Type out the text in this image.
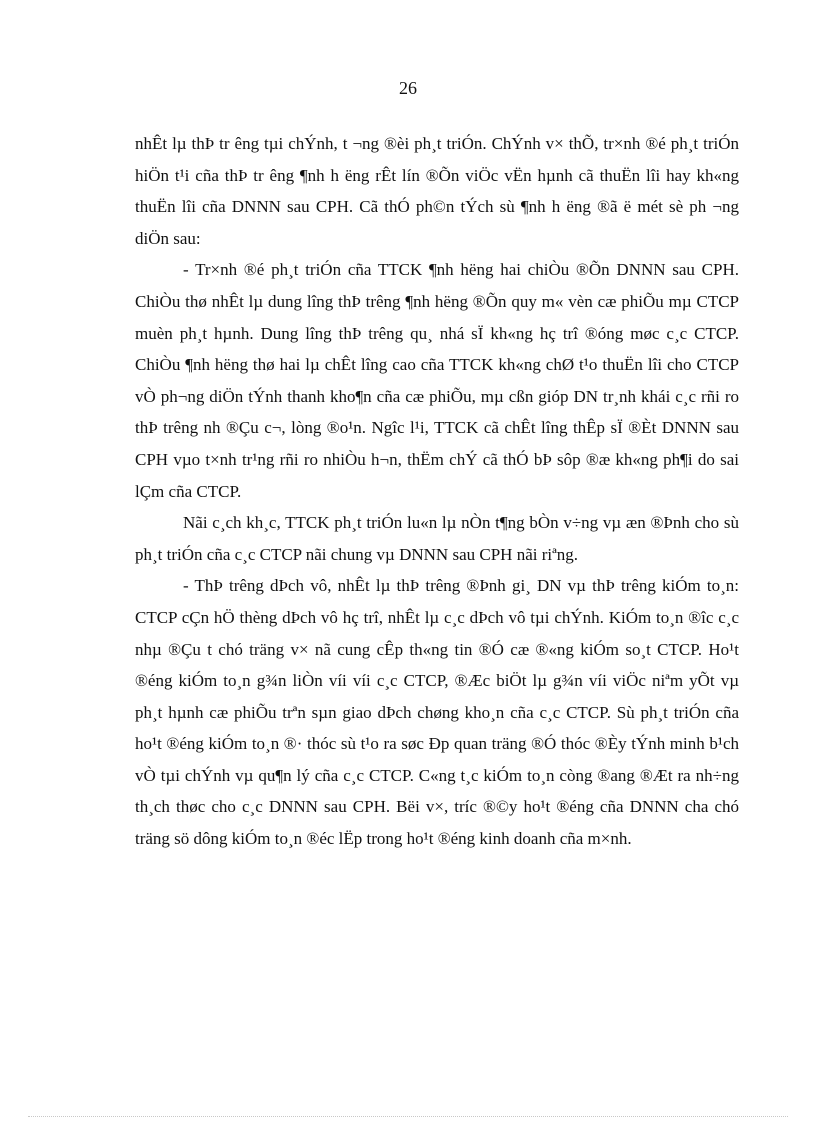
26

nhÊt lµ thÞ tr êng tµi chÝnh, t ¬ng ®èi ph¸t triÓn. ChÝnh v× thÕ, tr×nh ®é ph¸t triÓn hiÖn t¹i cña thÞ tr êng ¶nh h ëng rÊt lín ®Õn viÖc vËn hµnh cã thuËn lîi hay kh«ng thuËn lîi cña DNNN sau CPH. Cã thÓ ph©n tÝch sù ¶nh h ëng ®ã ë mét sè ph ¬ng diÖn sau:

- Tr×nh ®é ph¸t triÓn cña TTCK ¶nh hëng hai chiÒu ®Õn DNNN sau CPH. ChiÒu thø nhÊt lµ dung lîng thÞ trêng ¶nh hëng ®Õn quy m« vèn cæ phiÕu mµ CTCP muèn ph¸t hµnh. Dung lîng thÞ trêng qu¸ nhá sÏ kh«ng hç trî ®óng møc c¸c CTCP. ChiÒu ¶nh hëng thø hai lµ chÊt lîng cao cña TTCK kh«ng chØ t¹o thuËn lîi cho CTCP vÒ ph¬ng diÖn tÝnh thanh kho¶n cña cæ phiÕu, mµ cßn gióp DN tr¸nh khái c¸c rñi ro thÞ trêng nh ®Çu c¬, lòng ®o¹n. Ngîc l¹i, TTCK cã chÊt lîng thÊp sÏ ®Èt DNNN sau CPH vµo t×nh tr¹ng rñi ro nhiÒu h¬n, thËm chÝ cã thÓ bÞ sôp ®æ kh«ng ph¶i do sai lÇm cña CTCP.

Nãi c¸ch kh¸c, TTCK ph¸t triÓn lu«n lµ nÒn t¶ng bÒn v÷ng vµ æn ®Þnh cho sù ph¸t triÓn cña c¸c CTCP nãi chung vµ DNNN sau CPH nãi riªng.

- ThÞ trêng dÞch vô, nhÊt lµ thÞ trêng ®Þnh gi¸ DN vµ thÞ trêng kiÓm to¸n: CTCP cÇn hÖ thèng dÞch vô hç trî, nhÊt lµ c¸c dÞch vô tµi chÝnh. KiÓm to¸n ®îc c¸c nhµ ®Çu t chó träng v× nã cung cÊp th«ng tin ®Ó cæ ®«ng kiÓm so¸t CTCP. Ho¹t ®éng kiÓm to¸n g¾n liÒn víi víi c¸c CTCP, ®Æc biÖt lµ g¾n víi viÖc niªm yÕt vµ ph¸t hµnh cæ phiÕu trªn sµn giao dÞch chøng kho¸n cña c¸c CTCP. Sù ph¸t triÓn cña ho¹t ®éng kiÓm to¸n ®· thóc sù t¹o ra søc Ðp quan träng ®Ó thóc ®Èy tÝnh minh b¹ch vÒ tµi chÝnh vµ qu¶n lý cña c¸c CTCP. C«ng t¸c kiÓm to¸n còng ®ang ®Æt ra nh÷ng th¸ch thøc cho c¸c DNNN sau CPH. Bëi v×, tríc ®©y ho¹t ®éng cña DNNN cha chó träng sö dông kiÓm to¸n ®éc lËp trong ho¹t ®éng kinh doanh cña m×nh.
